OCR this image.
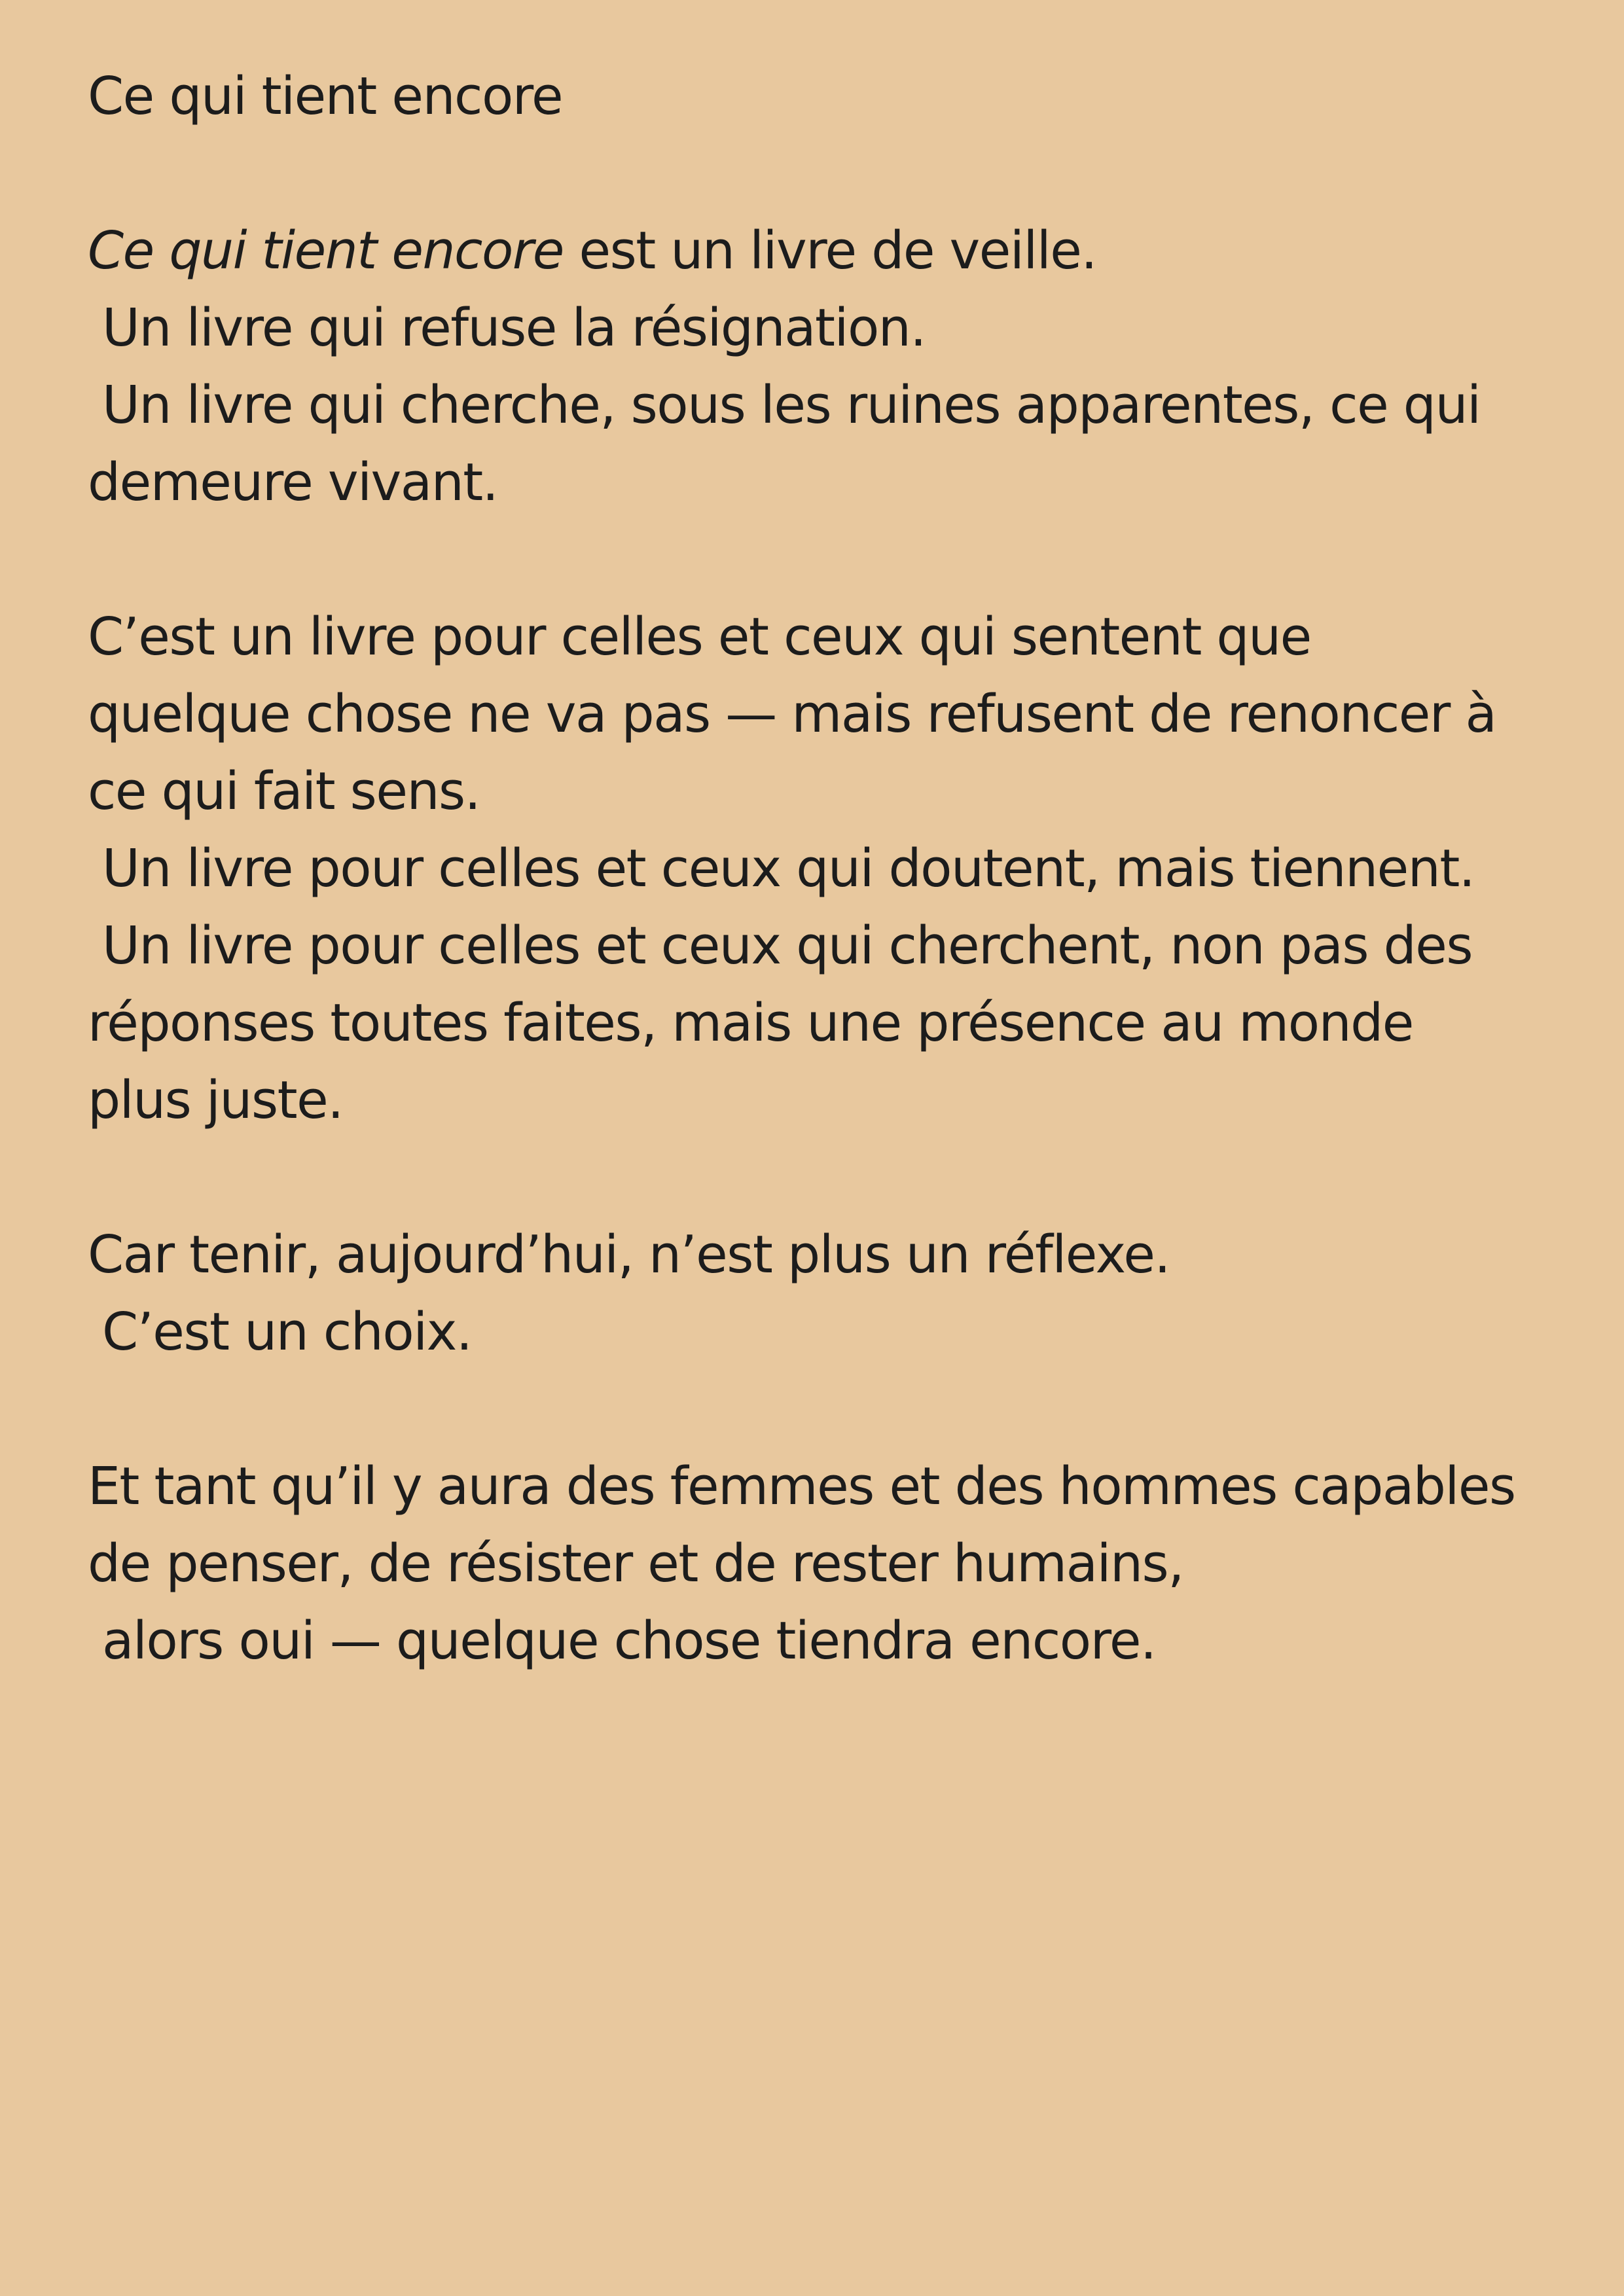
Ce qui tient encore
Ce qui tient encore est un livre de veille.
Un livre qui refuse la résignation.
Un livre qui cherche, sous les ruines apparentes, ce qui
demeure vivant.
C’est un livre pour celles et ceux qui sentent que
quelque chose ne va pas — mais refusent de renoncer à
ce qui fait sens.
Un livre pour celles et ceux qui doutent, mais tiennent.
Un livre pour celles et ceux qui cherchent, non pas des
réponses toutes faites, mais une présence au monde
plus juste.
Car tenir, aujourd’hui, n’est plus un réflexe.
C’est un choix.
Et tant qu’il y aura des femmes et des hommes capables
de penser, de résister et de rester humains,
alors oui — quelque chose tiendra encore.
